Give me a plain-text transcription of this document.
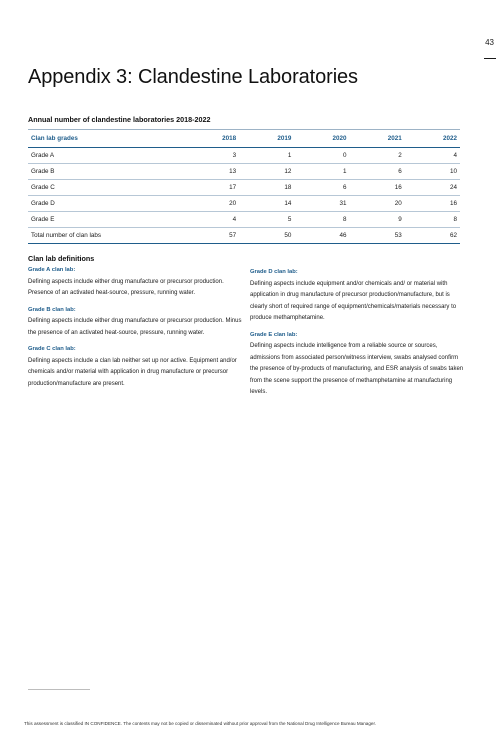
43
Appendix 3: Clandestine Laboratories
Annual number of clandestine laboratories 2018-2022
Clan lab grades	2018	2019	2020	2021	2022
Grade A	3	1	0	2	4
Grade B	13	12	1	6	10
Grade C	17	18	6	16	24
Grade D	20	14	31	20	16
Grade E	4	5	8	9	8
Total number of clan labs	57	50	46	53	62
Clan lab definitions
Grade A clan lab:

Defining aspects include either drug manufacture or precursor production. Presence of an activated heat-source, pressure, running water.

Grade B clan lab:

Defining aspects include either drug manufacture or precursor production. Minus the presence of an activated heat-source, pressure, running water.

Grade C clan lab:

Defining aspects include a clan lab neither set up nor active. Equipment and/or chemicals and/or material with application in drug manufacture or precursor production/manufacture are present.

Grade D clan lab:

Defining aspects include equipment and/or chemicals and/ or material with application in drug manufacture of precursor production/manufacture, but is clearly short of required range of equipment/chemicals/materials necessary to produce methamphetamine.

Grade E clan lab:

Defining aspects include intelligence from a reliable source or sources, admissions from associated person/witness interview, swabs analysed confirm the presence of by-products of manufacturing, and ESR analysis of swabs taken from the scene support the presence of methamphetamine at manufacturing levels.

This assessment is classified IN CONFIDENCE. The contents may not be copied or disseminated without prior approval from the National Drug Intelligence Bureau Manager.
